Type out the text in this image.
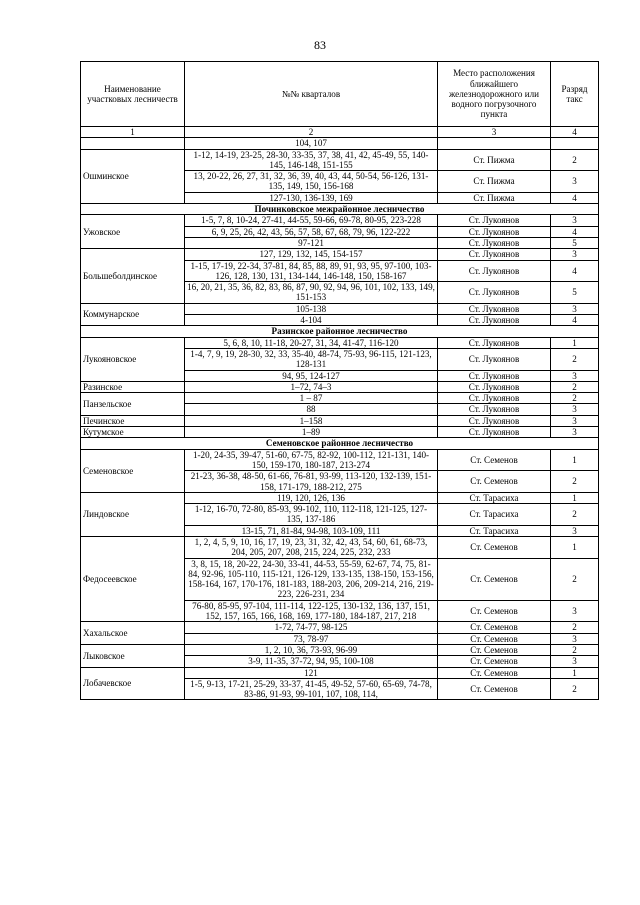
83
Наименование участковых лесничеств	№№ кварталов	Место расположения ближайшего железнодорожного или водного погрузочного пункта	Разряд такс
1	2	3	4
	104, 107		
Ошминское	1-12, 14-19, 23-25, 28-30, 33-35, 37, 38, 41, 42, 45-49, 55, 140-145, 146-148, 151-155	Ст. Пижма	2
	13, 20-22, 26, 27, 31, 32, 36, 39, 40, 43, 44, 50-54, 56-126, 131-135, 149, 150, 156-168	Ст. Пижма	3
	127-130, 136-139, 169	Ст. Пижма	4
Починковское межрайонное лесничество			
Ужовское	1-5, 7, 8, 10-24, 27-41, 44-55, 59-66, 69-78, 80-95, 223-228	Ст. Лукоянов	3
	6, 9, 25, 26, 42, 43, 56, 57, 58, 67, 68, 79, 96, 122-222	Ст. Лукоянов	4
	97-121	Ст. Лукоянов	5
Большеболдинское	127, 129, 132, 145, 154-157	Ст. Лукоянов	3
	1-15, 17-19, 22-34, 37-81, 84, 85, 88, 89, 91, 93, 95, 97-100, 103-126, 128, 130, 131, 134-144, 146-148, 150, 158-167	Ст. Лукоянов	4
	16, 20, 21, 35, 36, 82, 83, 86, 87, 90, 92, 94, 96, 101, 102, 133, 149, 151-153	Ст. Лукоянов	5
Коммунарское	105-138	Ст. Лукоянов	3
	4-104	Ст. Лукоянов	4
Разинское районное лесничество			
Лукояновское	5, 6, 8, 10, 11-18, 20-27, 31, 34, 41-47, 116-120	Ст. Лукоянов	1
	1-4, 7, 9, 19, 28-30, 32, 33, 35-40, 48-74, 75-93, 96-115, 121-123, 128-131	Ст. Лукоянов	2
	94, 95, 124-127	Ст. Лукоянов	3
Разинское	1–72, 74–3	Ст. Лукоянов	2
Панзельское	1 – 87	Ст. Лукоянов	2
	88	Ст. Лукоянов	3
Печинское	1–158	Ст. Лукоянов	3
Кутумское	1–89	Ст. Лукоянов	3
Семеновское районное лесничество			
Семеновское	1-20, 24-35, 39-47, 51-60, 67-75, 82-92, 100-112, 121-131, 140-150, 159-170, 180-187, 213-274	Ст. Семенов	1
	21-23, 36-38, 48-50, 61-66, 76-81, 93-99, 113-120, 132-139, 151-158, 171-179, 188-212, 275	Ст. Семенов	2
Линдовское	119, 120, 126, 136	Ст. Тарасиха	1
	1-12, 16-70, 72-80, 85-93, 99-102, 110, 112-118, 121-125, 127-135, 137-186	Ст. Тарасиха	2
	13-15, 71, 81-84, 94-98, 103-109, 111	Ст. Тарасиха	3
Федосеевское	1, 2, 4, 5, 9, 10, 16, 17, 19, 23, 31, 32, 42, 43, 54, 60, 61, 68-73, 204, 205, 207, 208, 215, 224, 225, 232, 233	Ст. Семенов	1
	3, 8, 15, 18, 20-22, 24-30, 33-41, 44-53, 55-59, 62-67, 74, 75, 81-84, 92-96, 105-110, 115-121, 126-129, 133-135, 138-150, 153-156, 158-164, 167, 170-176, 181-183, 188-203, 206, 209-214, 216, 219-223, 226-231, 234	Ст. Семенов	2
	76-80, 85-95, 97-104, 111-114, 122-125, 130-132, 136, 137, 151, 152, 157, 165, 166, 168, 169, 177-180, 184-187, 217, 218	Ст. Семенов	3
Хахальское	1-72, 74-77, 98-125	Ст. Семенов	2
	73, 78-97	Ст. Семенов	3
Лыковское	1, 2, 10, 36, 73-93, 96-99	Ст. Семенов	2
	3-9, 11-35, 37-72, 94, 95, 100-108	Ст. Семенов	3
Лобачевское	121	Ст. Семенов	1
	1-5, 9-13, 17-21, 25-29, 33-37, 41-45, 49-52, 57-60, 65-69, 74-78, 83-86, 91-93, 99-101, 107, 108, 114,	Ст. Семенов	2
